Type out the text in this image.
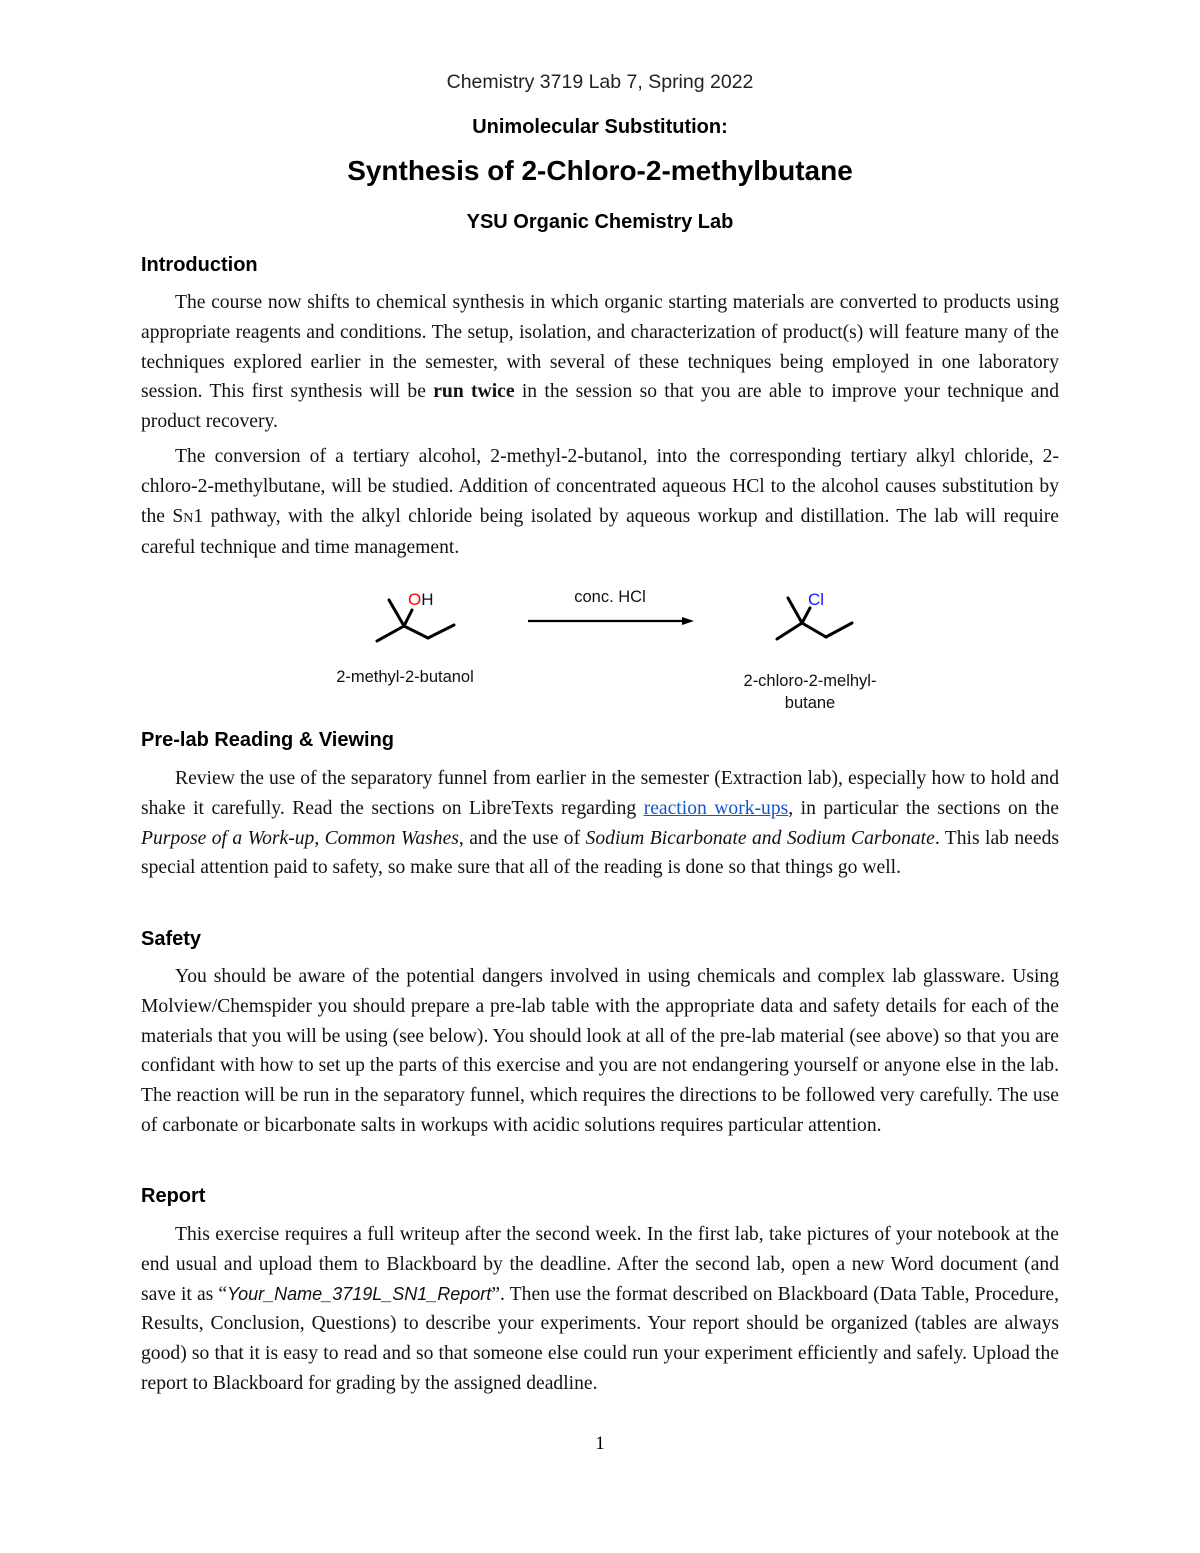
Chemistry 3719 Lab 7, Spring 2022
Unimolecular Substitution:
Synthesis of 2-Chloro-2-methylbutane
YSU Organic Chemistry Lab
Introduction

The course now shifts to chemical synthesis in which organic starting materials are converted to products using appropriate reagents and conditions. The setup, isolation, and characterization of product(s) will feature many of the techniques explored earlier in the semester, with several of these techniques being employed in one laboratory session. This first synthesis will be run twice in the session so that you are able to improve your technique and product recovery.

The conversion of a tertiary alcohol, 2-methyl-2-butanol, into the corresponding tertiary alkyl chloride, 2-chloro-2-methylbutane, will be studied. Addition of concentrated aqueous HCl to the alcohol causes substitution by the SN1 pathway, with the alkyl chloride being isolated by aqueous workup and distillation. The lab will require careful technique and time management.

OH	Cl
conc. HCl
2-methyl-2-butanol	2-chloro-2-melhyl-
butane
Pre-lab Reading & Viewing

Review the use of the separatory funnel from earlier in the semester (Extraction lab), especially how to hold and shake it carefully. Read the sections on LibreTexts regarding reaction work-ups, in particular the sections on the Purpose of a Work-up, Common Washes, and the use of Sodium Bicarbonate and Sodium Carbonate. This lab needs special attention paid to safety, so make sure that all of the reading is done so that things go well.

Safety

You should be aware of the potential dangers involved in using chemicals and complex lab glassware. Using Molview/Chemspider you should prepare a pre-lab table with the appropriate data and safety details for each of the materials that you will be using (see below). You should look at all of the pre-lab material (see above) so that you are confidant with how to set up the parts of this exercise and you are not endangering yourself or anyone else in the lab. The reaction will be run in the separatory funnel, which requires the directions to be followed very carefully. The use of carbonate or bicarbonate salts in workups with acidic solutions requires particular attention.

Report

This exercise requires a full writeup after the second week. In the first lab, take pictures of your notebook at the end usual and upload them to Blackboard by the deadline. After the second lab, open a new Word document (and save it as “Your_Name_3719L_SN1_Report”. Then use the format described on Blackboard (Data Table, Procedure, Results, Conclusion, Questions) to describe your experiments. Your report should be organized (tables are always good) so that it is easy to read and so that someone else could run your experiment efficiently and safely. Upload the report to Blackboard for grading by the assigned deadline.

1
